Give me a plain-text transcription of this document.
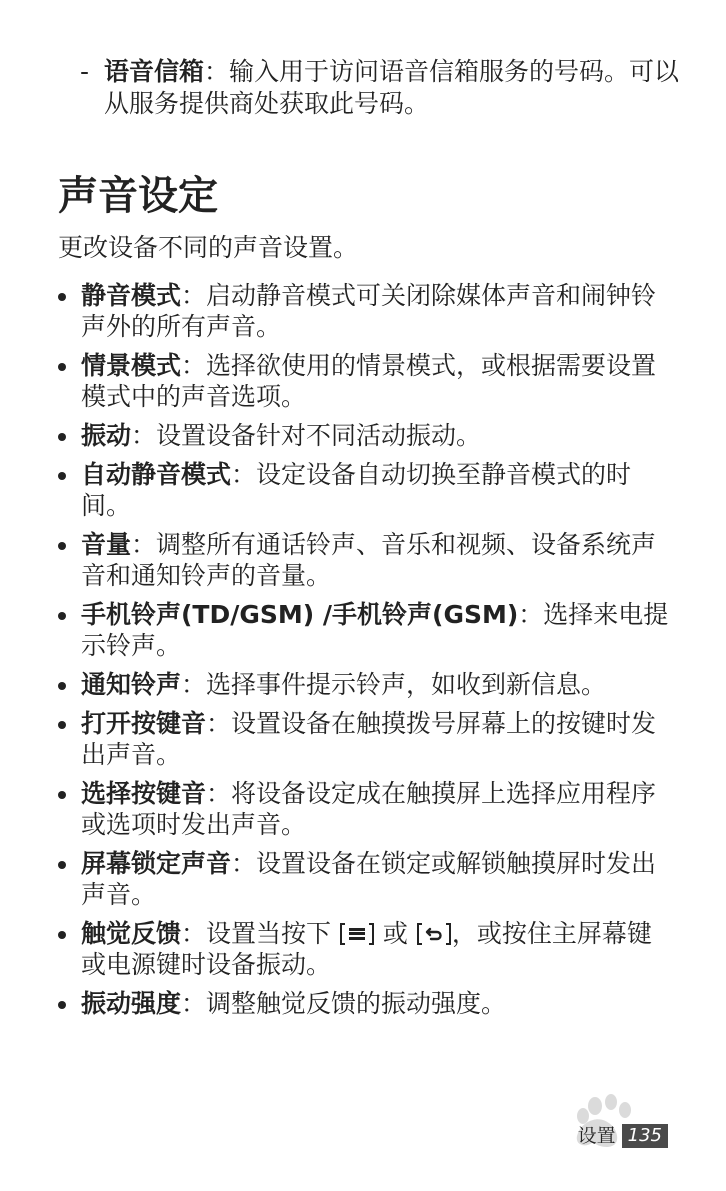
- 语音信箱：输入用于访问语音信箱服务的号码。可以从服务提供商处获取此号码。
声音设定

更改设备不同的声音设置。

静音模式：启动静音模式可关闭除媒体声音和闹钟铃声外的所有声音。
情景模式：选择欲使用的情景模式，或根据需要设置模式中的声音选项。
振动：设置设备针对不同活动振动。
自动静音模式：设定设备自动切换至静音模式的时间。
音量：调整所有通话铃声、音乐和视频、设备系统声音和通知铃声的音量。
手机铃声(TD/GSM) /手机铃声(GSM)：选择来电提示铃声。
通知铃声：选择事件提示铃声，如收到新信息。
打开按键音：设置设备在触摸拨号屏幕上的按键时发出声音。
选择按键音：将设备设定成在触摸屏上选择应用程序或选项时发出声音。
屏幕锁定声音：设置设备在锁定或解锁触摸屏时发出声音。
触觉反馈：设置当按下
或
，或按住主屏幕键或电源键时设备振动。
振动强度：调整触觉反馈的振动强度。
设置 135
